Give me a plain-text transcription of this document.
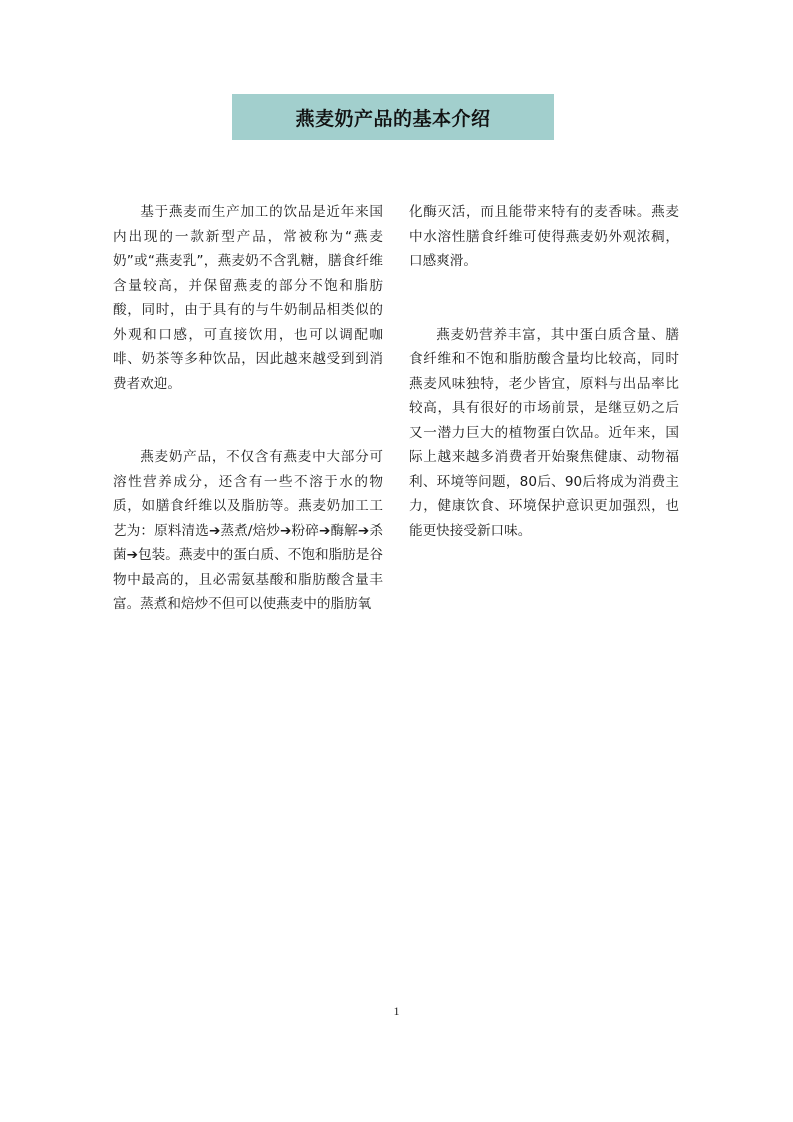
燕麦奶产品的基本介绍

基于燕麦而生产加工的饮品是近年来国内出现的一款新型产品，常被称为“燕麦奶”或“燕麦乳”，燕麦奶不含乳糖，膳食纤维含量较高，并保留燕麦的部分不饱和脂肪酸，同时，由于具有的与牛奶制品相类似的外观和口感，可直接饮用，也可以调配咖啡、奶茶等多种饮品，因此越来越受到到消费者欢迎。

燕麦奶产品，不仅含有燕麦中大部分可溶性营养成分，还含有一些不溶于水的物质，如膳食纤维以及脂肪等。燕麦奶加工工艺为：原料清选➔蒸煮/焙炒➔粉碎➔酶解➔杀菌➔包装。燕麦中的蛋白质、不饱和脂肪是谷物中最高的，且必需氨基酸和脂肪酸含量丰富。蒸煮和焙炒不但可以使燕麦中的脂肪氧

化酶灭活，而且能带来特有的麦香味。燕麦中水溶性膳食纤维可使得燕麦奶外观浓稠，口感爽滑。

燕麦奶营养丰富，其中蛋白质含量、膳食纤维和不饱和脂肪酸含量均比较高，同时燕麦风味独特，老少皆宜，原料与出品率比较高，具有很好的市场前景，是继豆奶之后又一潜力巨大的植物蛋白饮品。近年来，国际上越来越多消费者开始聚焦健康、动物福利、环境等问题，80后、90后将成为消费主力，健康饮食、环境保护意识更加强烈，也能更快接受新口味。

1
